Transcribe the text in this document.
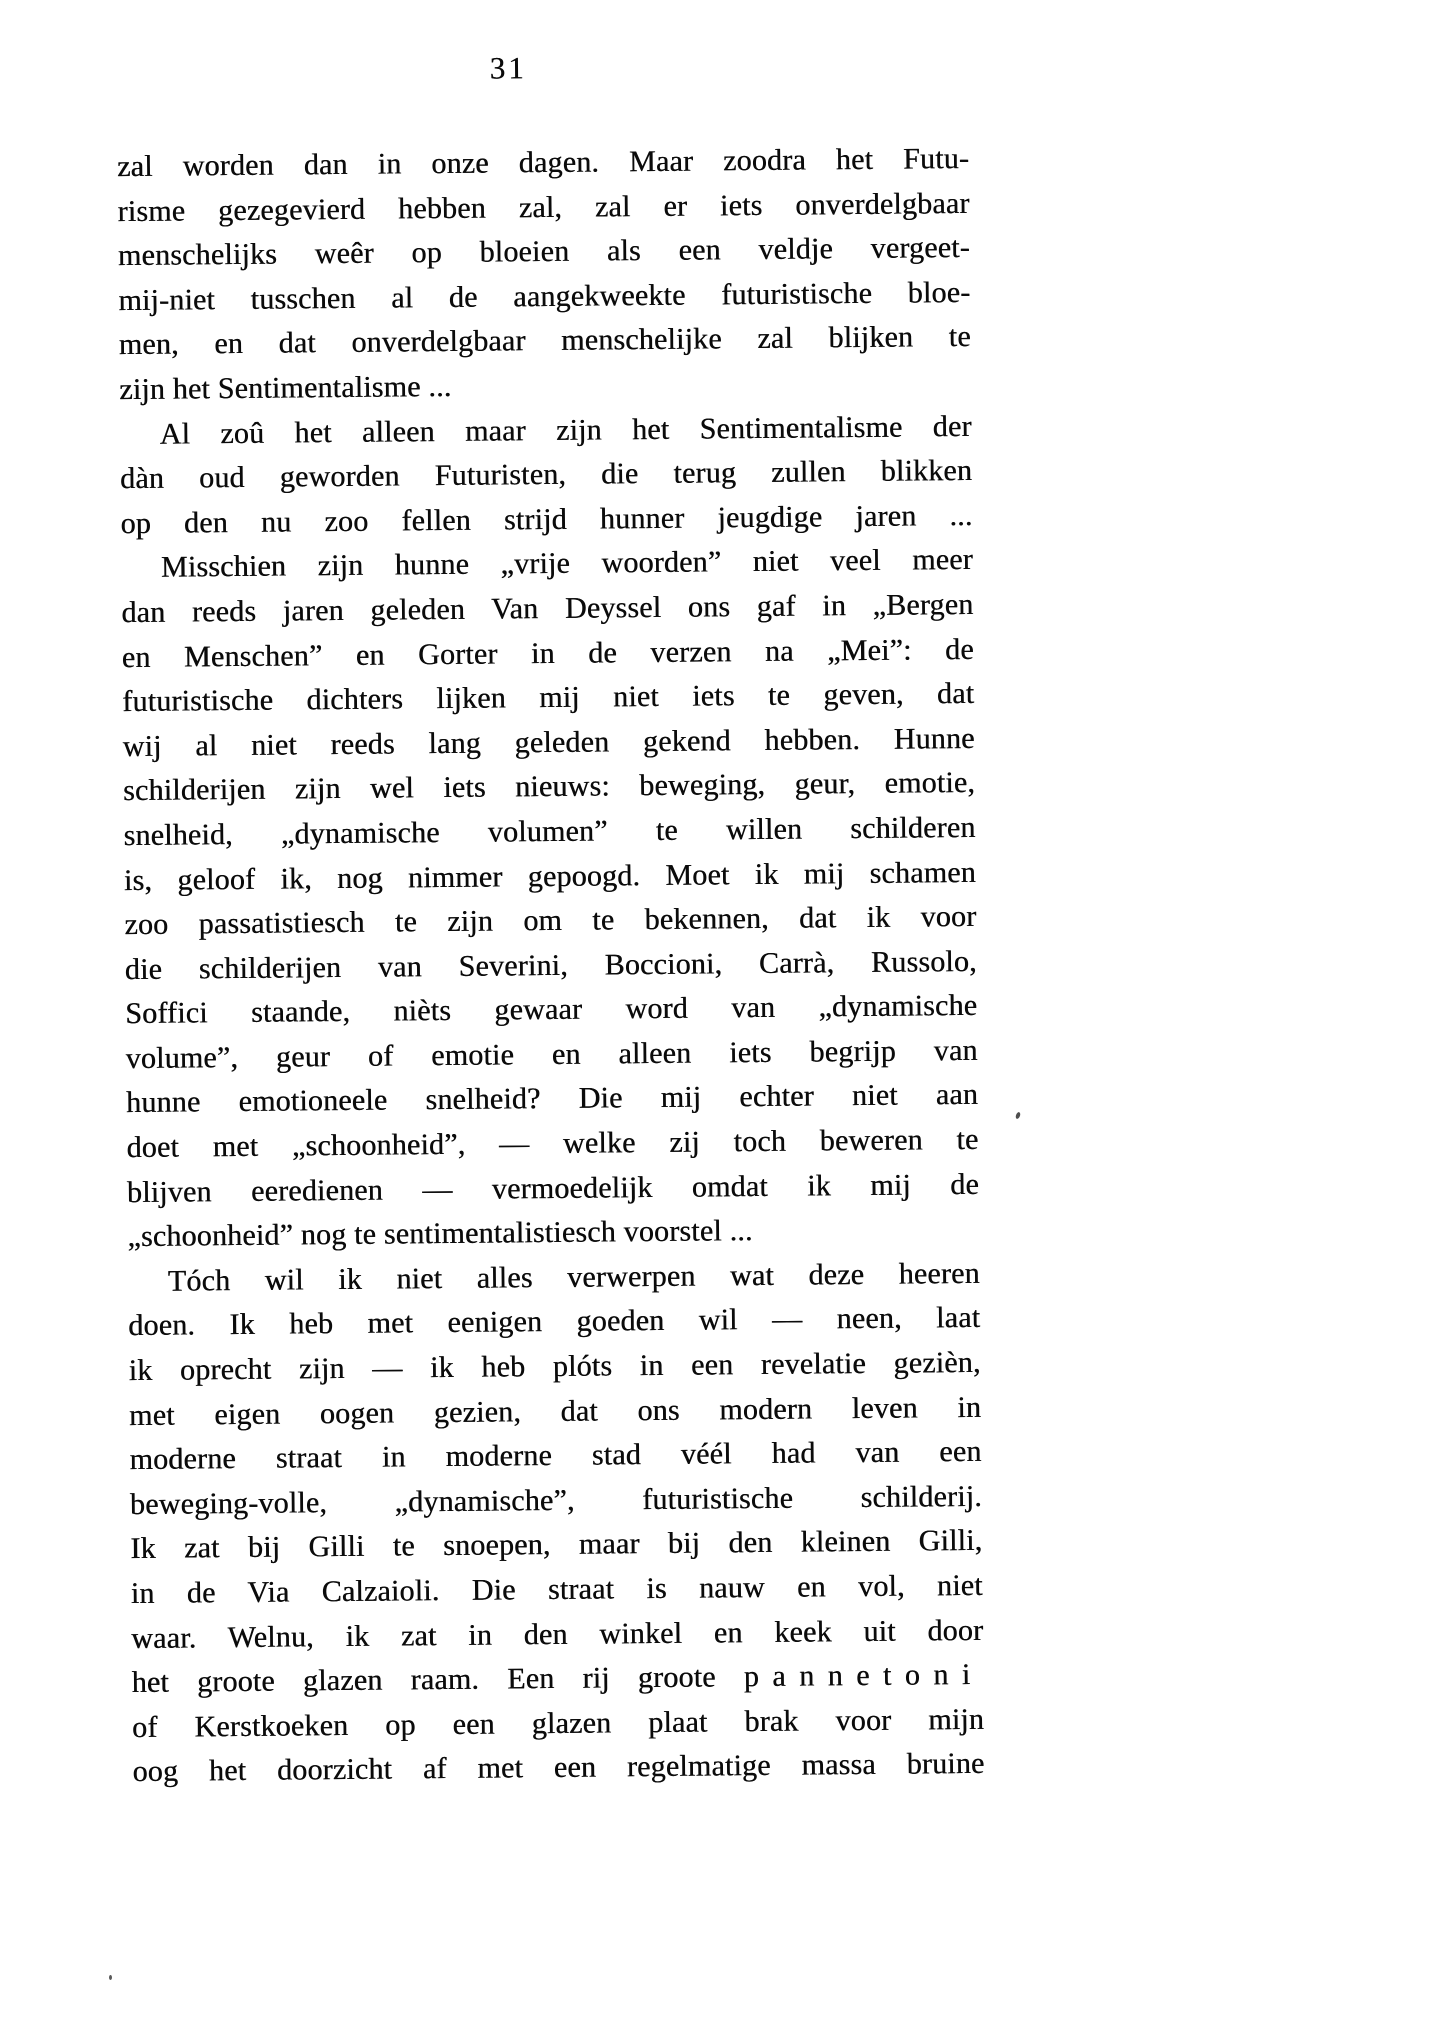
31
zal worden dan in onze dagen. Maar zoodra het Futu-
risme gezegevierd hebben zal, zal er iets onverdelgbaar
menschelijks weêr op bloeien als een veldje vergeet-
mij-niet tusschen al de aangekweekte futuristische bloe-
men, en dat onverdelgbaar menschelijke zal blijken te
zijn het Sentimentalisme ...
Al zoû het alleen maar zijn het Sentimentalisme der
dàn oud geworden Futuristen, die terug zullen blikken
op den nu zoo fellen strijd hunner jeugdige jaren ...
Misschien zijn hunne „vrije woorden” niet veel meer
dan reeds jaren geleden Van Deyssel ons gaf in „Bergen
en Menschen” en Gorter in de verzen na „Mei”: de
futuristische dichters lijken mij niet iets te geven, dat
wij al niet reeds lang geleden gekend hebben. Hunne
schilderijen zijn wel iets nieuws: beweging, geur, emotie,
snelheid, „dynamische volumen” te willen schilderen
is, geloof ik, nog nimmer gepoogd. Moet ik mij schamen
zoo passatistiesch te zijn om te bekennen, dat ik voor
die schilderijen van Severini, Boccioni, Carrà, Russolo,
Soffici staande, nièts gewaar word van „dynamische
volume”, geur of emotie en alleen iets begrijp van
hunne emotioneele snelheid? Die mij echter niet aan
doet met „schoonheid”, — welke zij toch beweren te
blijven eeredienen — vermoedelijk omdat ik mij de
„schoonheid” nog te sentimentalistiesch voorstel ...
Tóch wil ik niet alles verwerpen wat deze heeren
doen. Ik heb met eenigen goeden wil — neen, laat
ik oprecht zijn — ik heb plóts in een revelatie gezièn,
met eigen oogen gezien, dat ons modern leven in
moderne straat in moderne stad véél had van een
beweging-volle, „dynamische”, futuristische schilderij.
Ik zat bij Gilli te snoepen, maar bij den kleinen Gilli,
in de Via Calzaioli. Die straat is nauw en vol, niet
waar. Welnu, ik zat in den winkel en keek uit door
het groote glazen raam. Een rij groote pannetoni
of Kerstkoeken op een glazen plaat brak voor mijn
oog het doorzicht af met een regelmatige massa bruine
